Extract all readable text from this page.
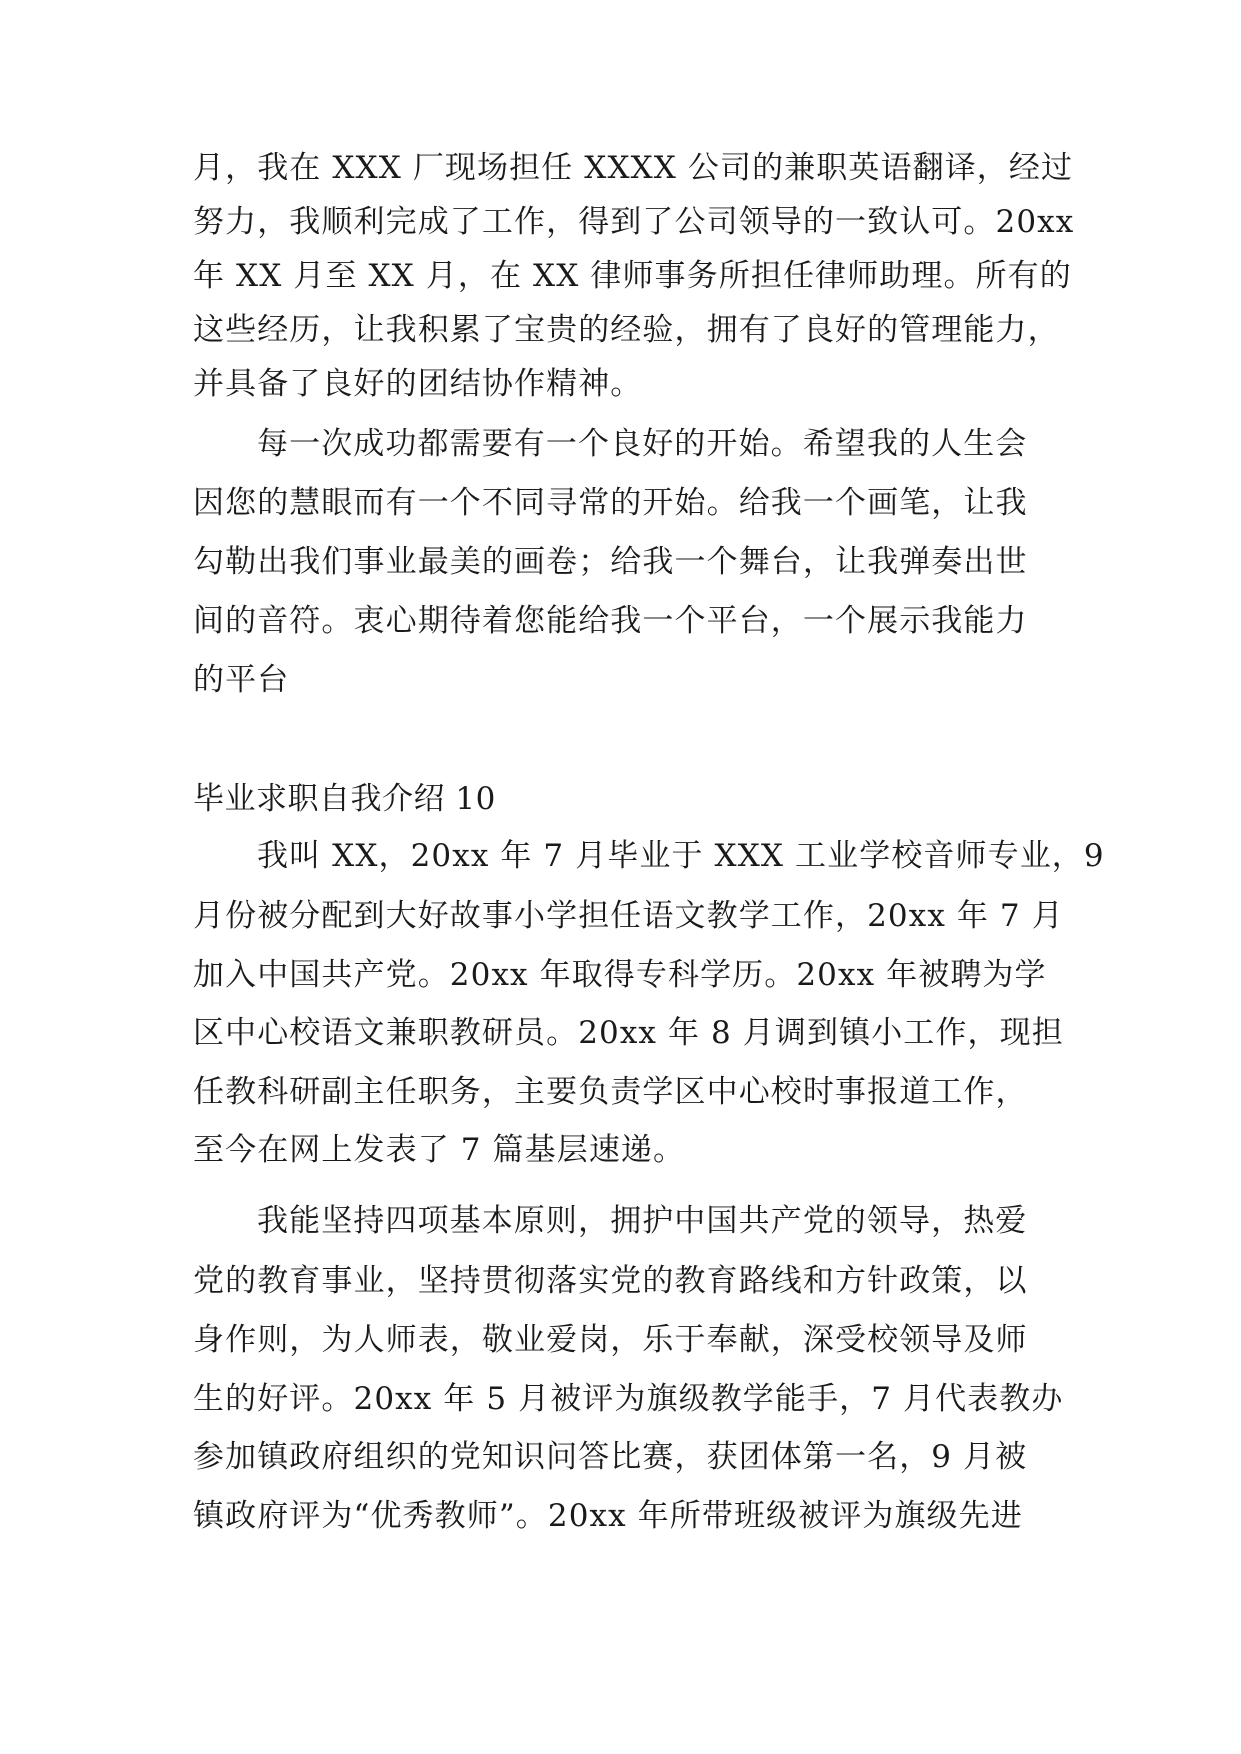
月，我在 XXX 厂现场担任 XXXX 公司的兼职英语翻译，经过

努力，我顺利完成了工作，得到了公司领导的一致认可。20xx

年 XX 月至 XX 月，在 XX 律师事务所担任律师助理。所有的

这些经历，让我积累了宝贵的经验，拥有了良好的管理能力，

并具备了良好的团结协作精神。

每一次成功都需要有一个良好的开始。希望我的人生会

因您的慧眼而有一个不同寻常的开始。给我一个画笔，让我

勾勒出我们事业最美的画卷；给我一个舞台，让我弹奏出世

间的音符。衷心期待着您能给我一个平台，一个展示我能力

的平台

毕业求职自我介绍 10

我叫 XX，20xx 年 7 月毕业于 XXX 工业学校音师专业，9

月份被分配到大好故事小学担任语文教学工作，20xx 年 7 月

加入中国共产党。20xx 年取得专科学历。20xx 年被聘为学

区中心校语文兼职教研员。20xx 年 8 月调到镇小工作，现担

任教科研副主任职务，主要负责学区中心校时事报道工作，

至今在网上发表了 7 篇基层速递。

我能坚持四项基本原则，拥护中国共产党的领导，热爱

党的教育事业，坚持贯彻落实党的教育路线和方针政策，以

身作则，为人师表，敬业爱岗，乐于奉献，深受校领导及师

生的好评。20xx 年 5 月被评为旗级教学能手，7 月代表教办

参加镇政府组织的党知识问答比赛，获团体第一名，9 月被

镇政府评为“优秀教师”。20xx 年所带班级被评为旗级先进
